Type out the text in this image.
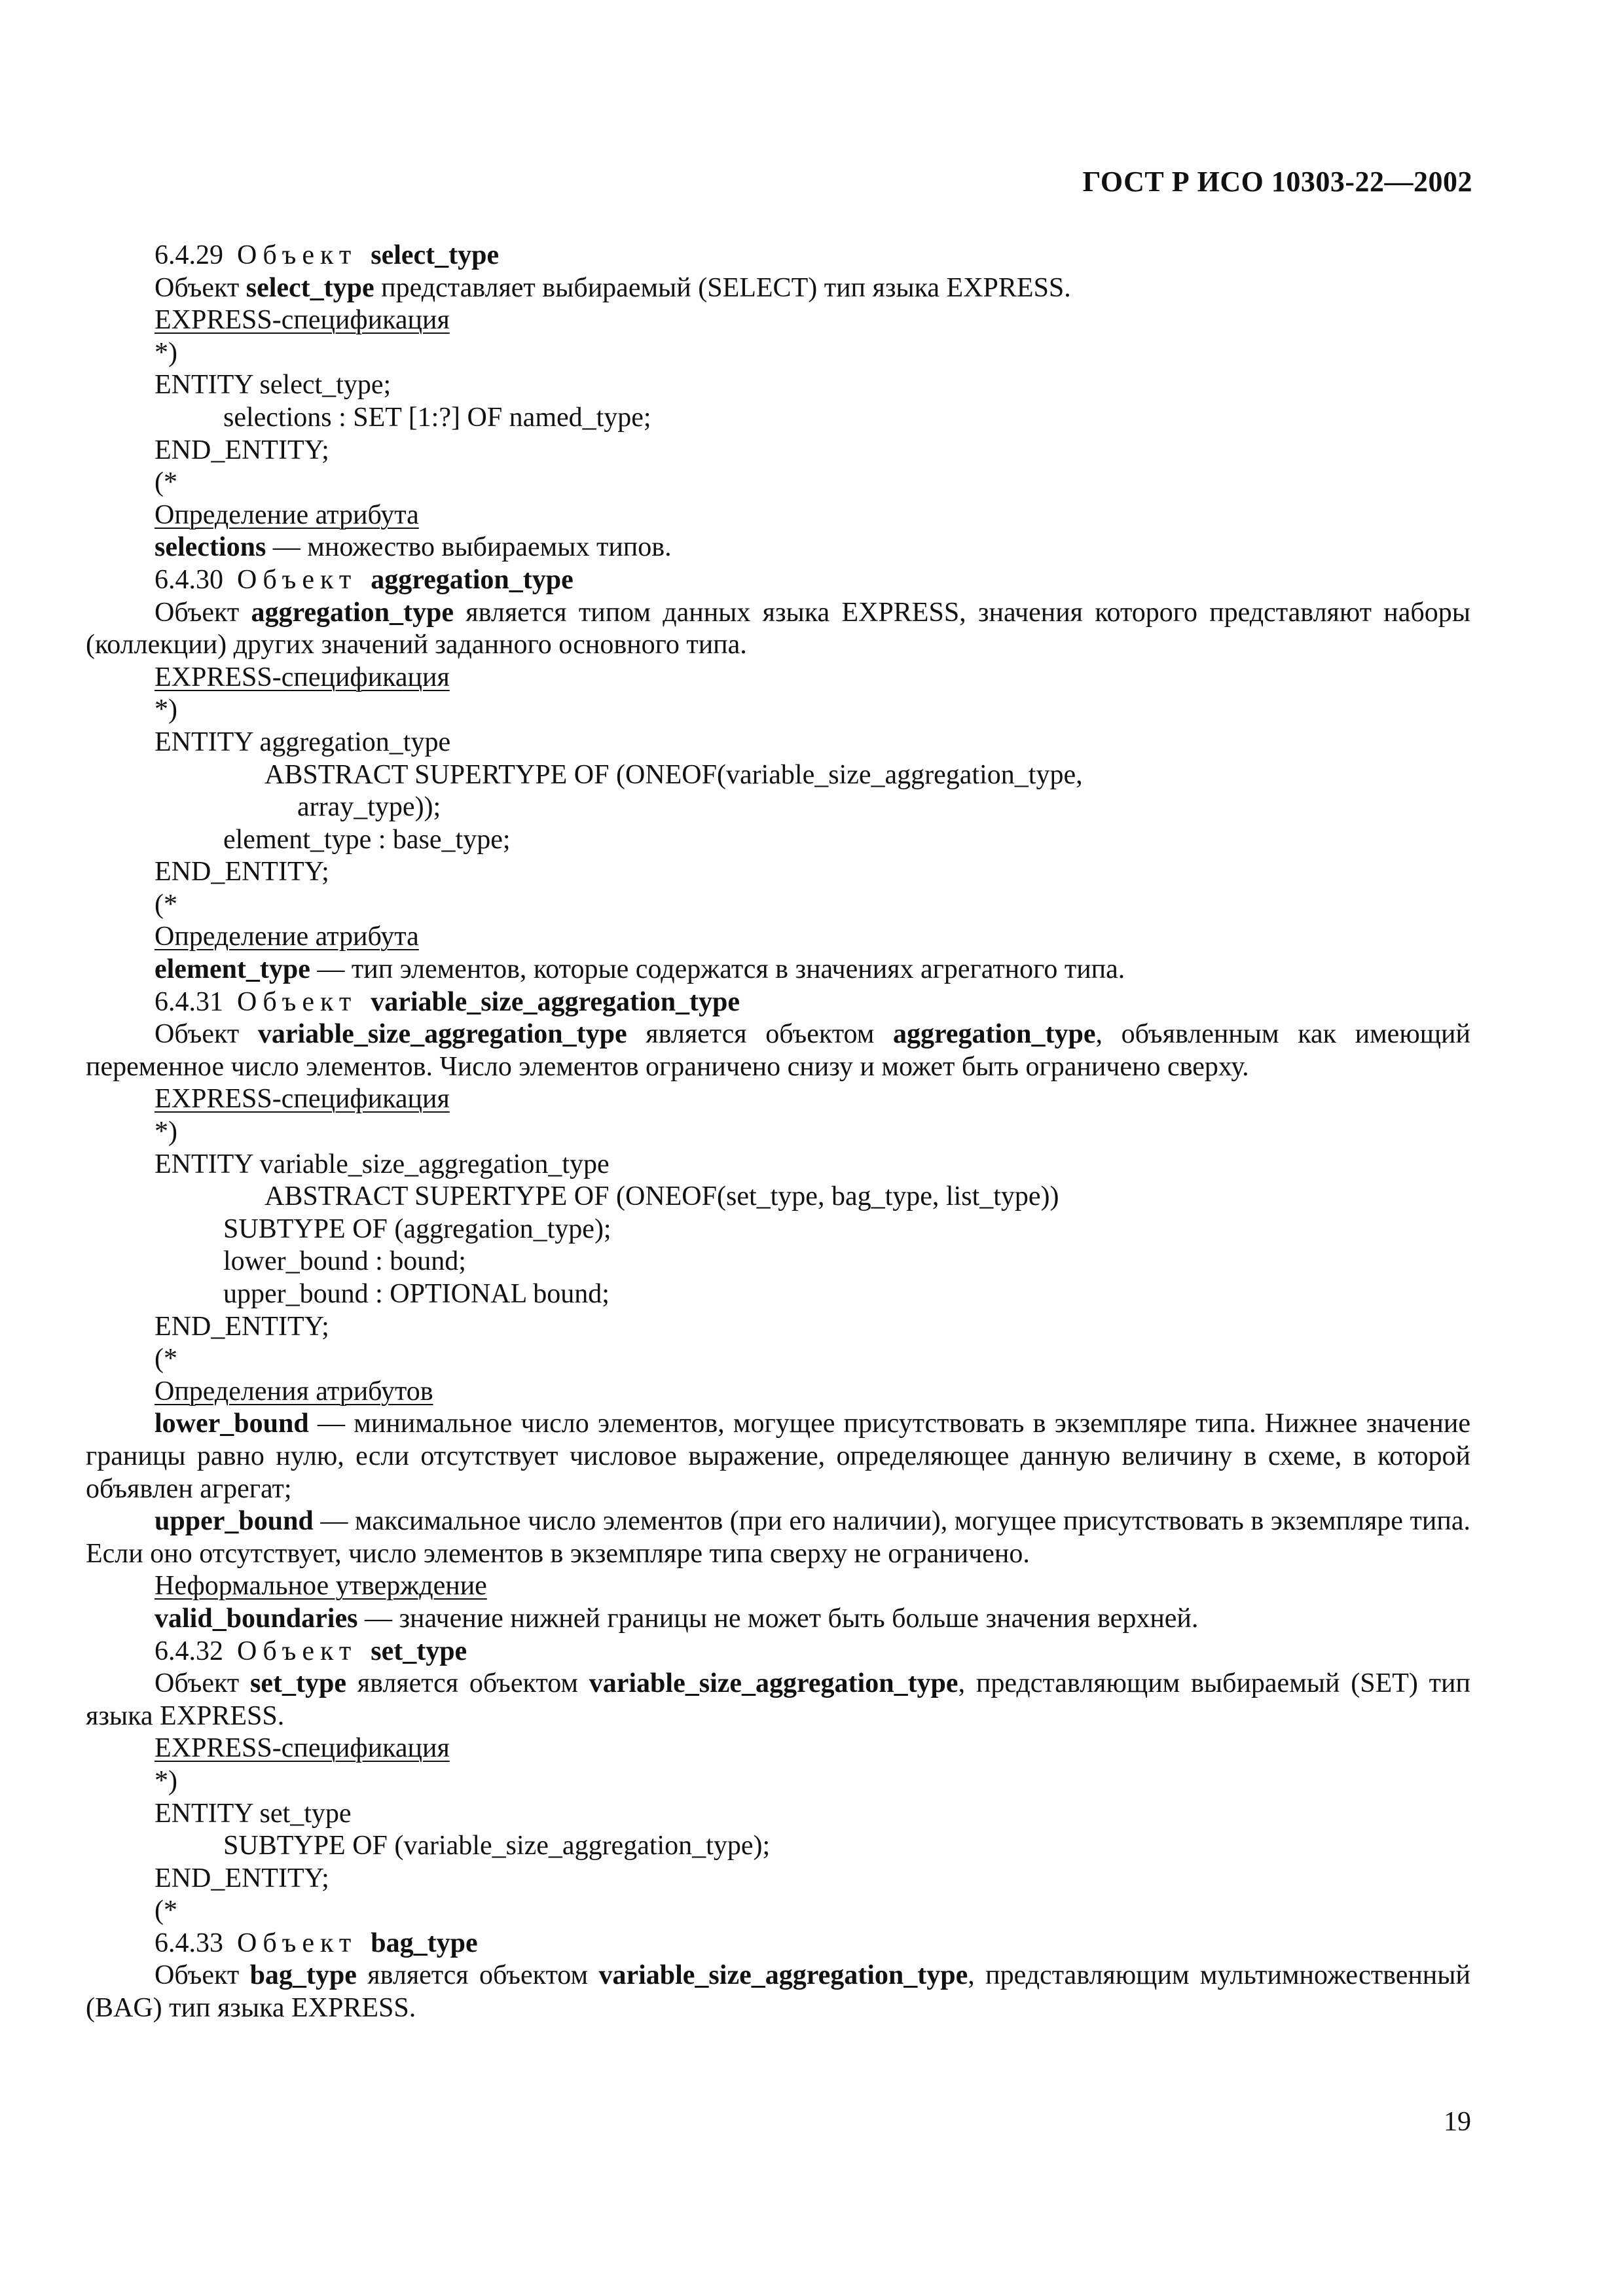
ГОСТ Р ИСО 10303-22—2002

6.4.29 Объект select_type

Объект select_type представляет выбираемый (SELECT) тип языка EXPRESS.

EXPRESS-спецификация

*)

ENTITY select_type;

selections : SET [1:?] OF named_type;

END_ENTITY;

(*

Определение атрибута

selections — множество выбираемых типов.

6.4.30 Объект aggregation_type

Объект aggregation_type является типом данных языка EXPRESS, значения которого представляют наборы (коллекции) других значений заданного основного типа.

EXPRESS-спецификация

*)

ENTITY aggregation_type

ABSTRACT SUPERTYPE OF (ONEOF(variable_size_aggregation_type,

array_type));

element_type : base_type;

END_ENTITY;

(*

Определение атрибута

element_type — тип элементов, которые содержатся в значениях агрегатного типа.

6.4.31 Объект variable_size_aggregation_type

Объект variable_size_aggregation_type является объектом aggregation_type, объявленным как имеющий переменное число элементов. Число элементов ограничено снизу и может быть ограничено сверху.

EXPRESS-спецификация

*)

ENTITY variable_size_aggregation_type

ABSTRACT SUPERTYPE OF (ONEOF(set_type, bag_type, list_type))

SUBTYPE OF (aggregation_type);

lower_bound : bound;

upper_bound : OPTIONAL bound;

END_ENTITY;

(*

Определения атрибутов

lower_bound — минимальное число элементов, могущее присутствовать в экземпляре типа. Нижнее значение границы равно нулю, если отсутствует числовое выражение, определяющее данную величину в схеме, в которой объявлен агрегат;

upper_bound — максимальное число элементов (при его наличии), могущее присутствовать в экземпляре типа. Если оно отсутствует, число элементов в экземпляре типа сверху не ограничено.

Неформальное утверждение

valid_boundaries — значение нижней границы не может быть больше значения верхней.

6.4.32 Объект set_type

Объект set_type является объектом variable_size_aggregation_type, представляющим выбираемый (SET) тип языка EXPRESS.

EXPRESS-спецификация

*)

ENTITY set_type

SUBTYPE OF (variable_size_aggregation_type);

END_ENTITY;

(*

6.4.33 Объект bag_type

Объект bag_type является объектом variable_size_aggregation_type, представляющим мультимножественный (BAG) тип языка EXPRESS.

19
